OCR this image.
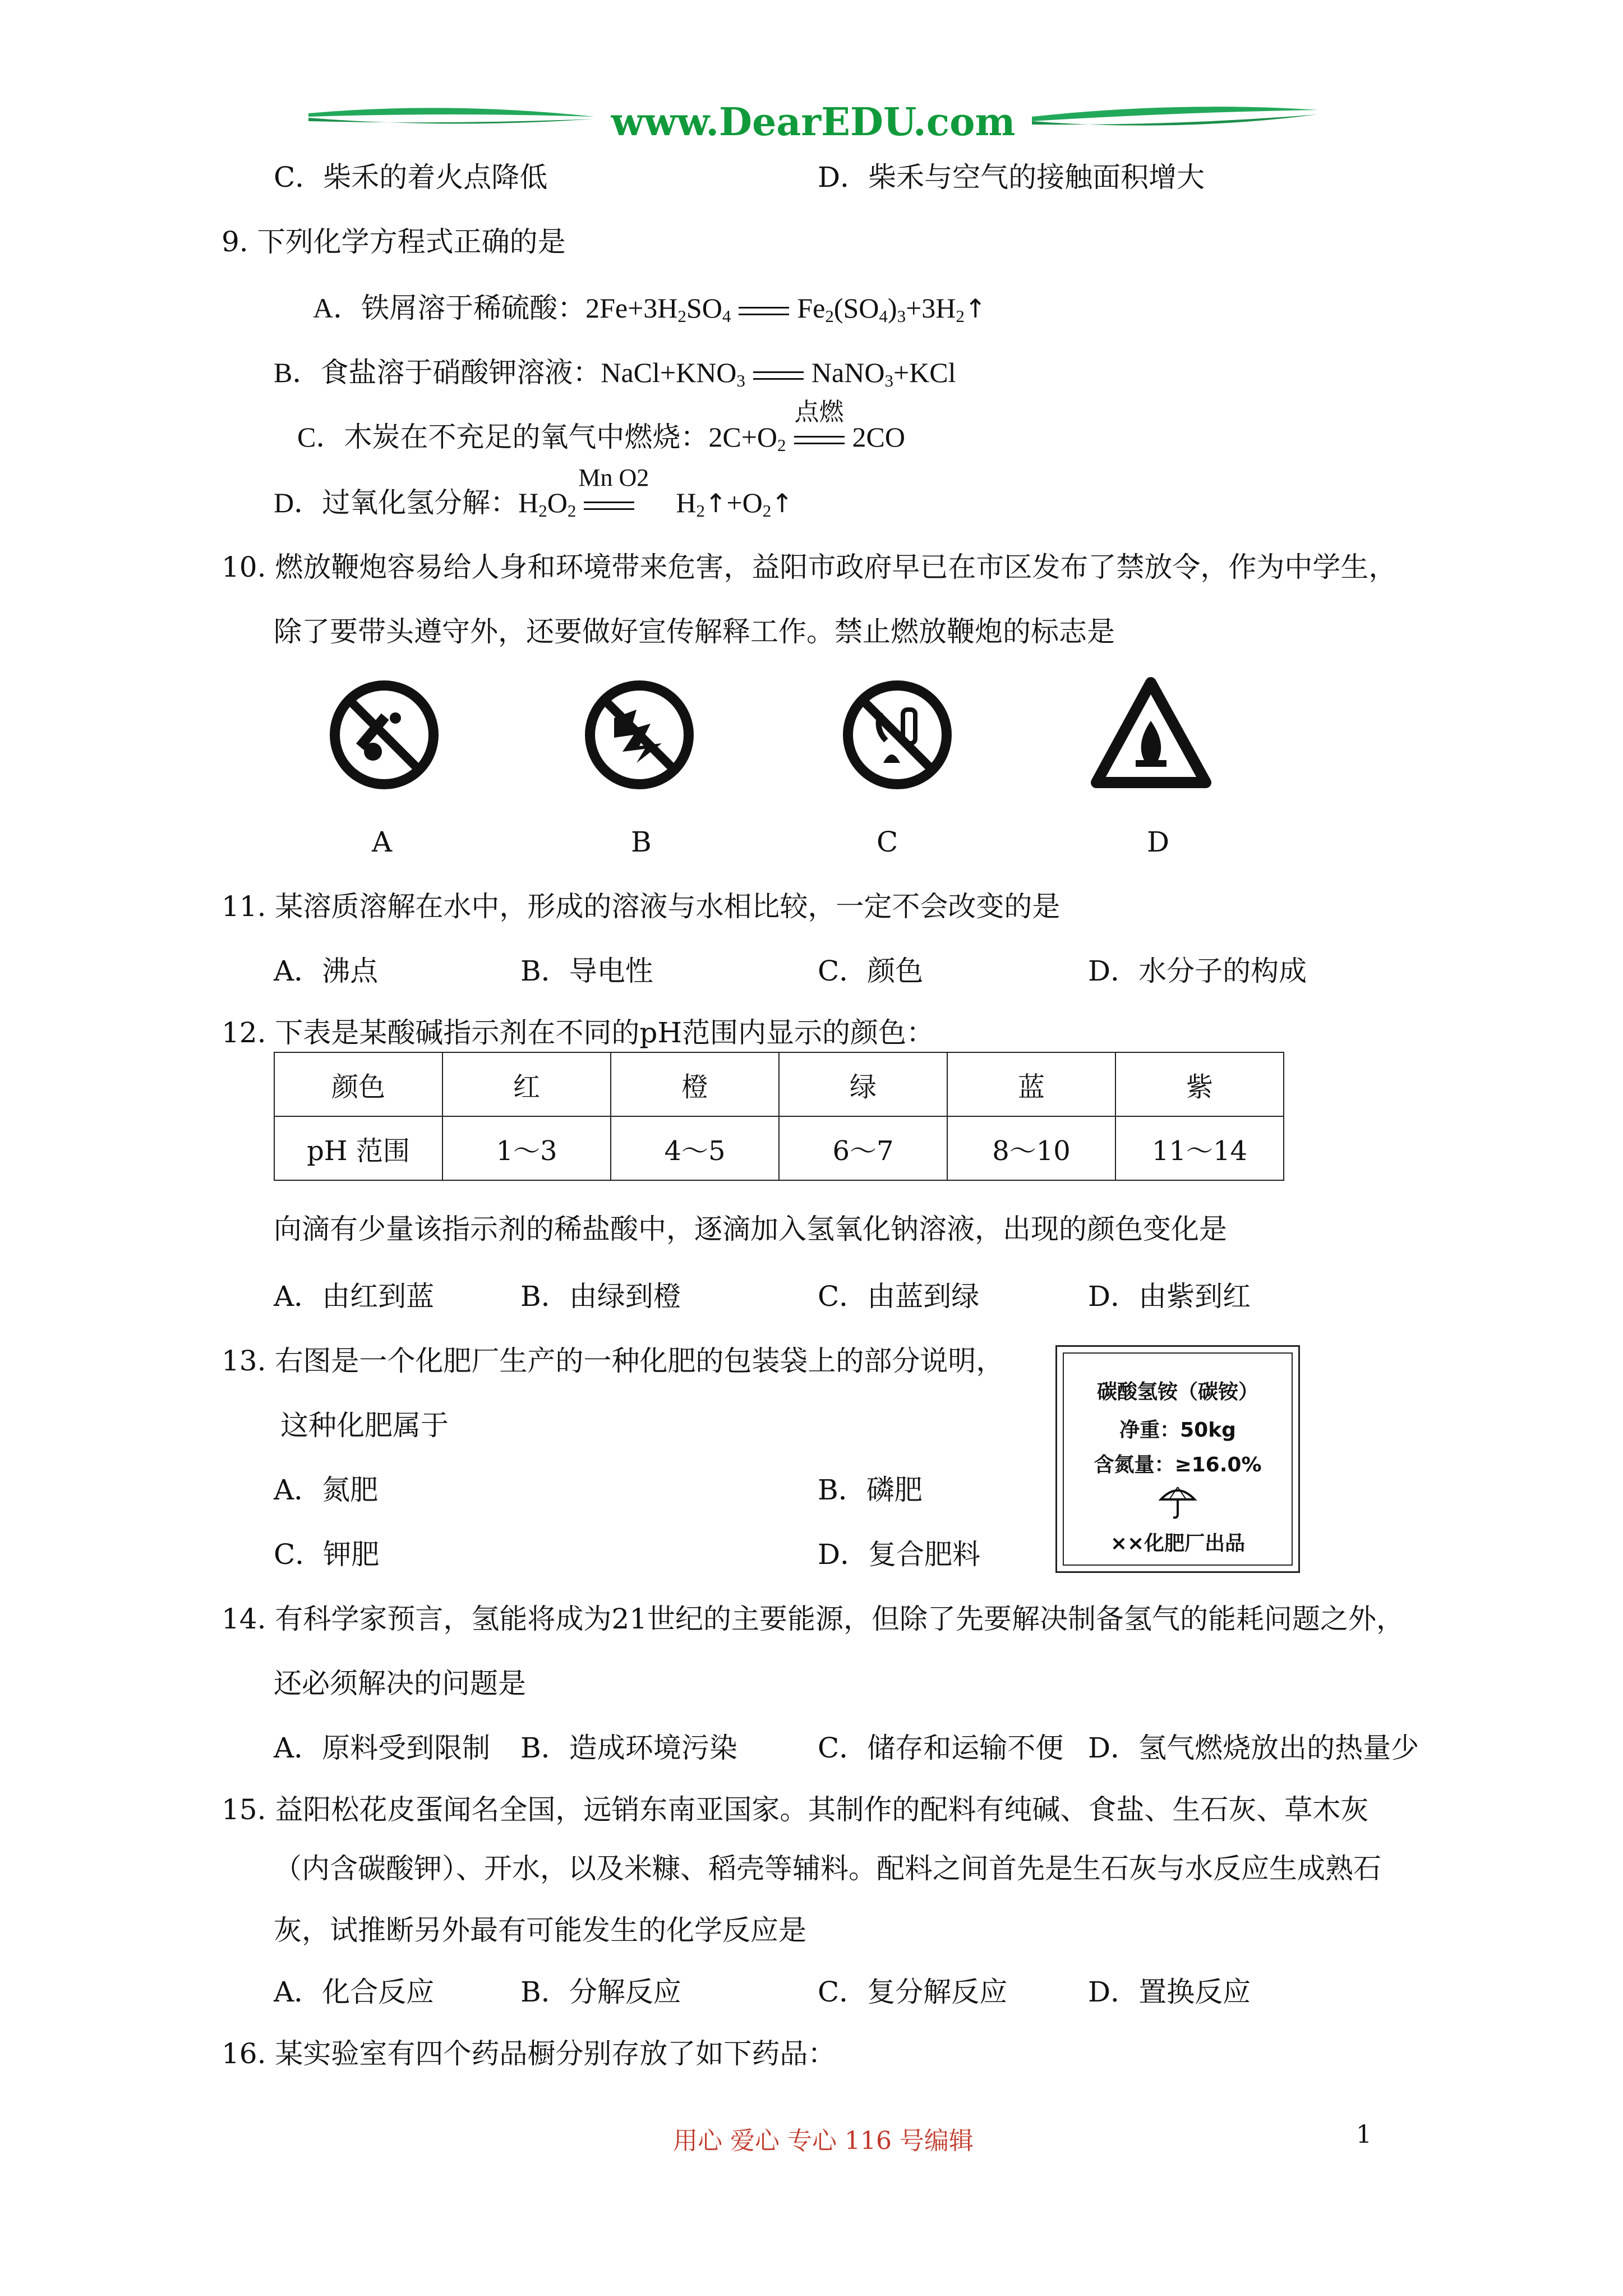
www.DearEDU.com
C．柴禾的着火点降低	D．柴禾与空气的接触面积增大
9. 下列化学方程式正确的是
A．铁屑溶于稀硫酸：$2Fe+3H_2SO_4$ $Fe_2(SO_4)_3+3H_2↑$
B．食盐溶于硝酸钾溶液：$NaCl+KNO_3$ NaNO$_3$+KCl
C．木炭在不充足的氧气中燃烧：$2C+O_2$
点燃
2CO
D．过氧化氢分解：$H_2O_2$
Mn O2
$H_2↑+O_2↑$
10. 燃放鞭炮容易给人身和环境带来危害，益阳市政府早已在市区发布了禁放令，作为中学生，
除了要带头遵守外，还要做好宣传解释工作。禁止燃放鞭炮的标志是
A	B	C	D
11. 某溶质溶解在水中，形成的溶液与水相比较，一定不会改变的是
A．沸点	B．导电性	C．颜色	D．水分子的构成
12. 下表是某酸碱指示剂在不同的pH范围内显示的颜色：
颜色	红	橙	绿	蓝	紫
pH 范围	1～3	4～5	6～7	8～10	11～14
向滴有少量该指示剂的稀盐酸中，逐滴加入氢氧化钠溶液，出现的颜色变化是
A．由红到蓝	B．由绿到橙	C．由蓝到绿	D．由紫到红
13. 右图是一个化肥厂生产的一种化肥的包装袋上的部分说明，
这种化肥属于
A．氮肥	B．磷肥
C．钾肥	D．复合肥料
碳酸氢铵（碳铵）
净重：50kg
含氮量：≥16.0%
××化肥厂出品
14. 有科学家预言，氢能将成为21世纪的主要能源，但除了先要解决制备氢气的能耗问题之外，
还必须解决的问题是
A．原料受到限制 B．造成环境污染	C．储存和运输不便 D．氢气燃烧放出的热量少
15. 益阳松花皮蛋闻名全国，远销东南亚国家。其制作的配料有纯碱、食盐、生石灰、草木灰
（内含碳酸钾）、开水，以及米糠、稻壳等辅料。配料之间首先是生石灰与水反应生成熟石
灰，试推断另外最有可能发生的化学反应是
A．化合反应	B．分解反应	C．复分解反应	D．置换反应
16. 某实验室有四个药品橱分别存放了如下药品：
用心 爱心 专心 116 号编辑	1
